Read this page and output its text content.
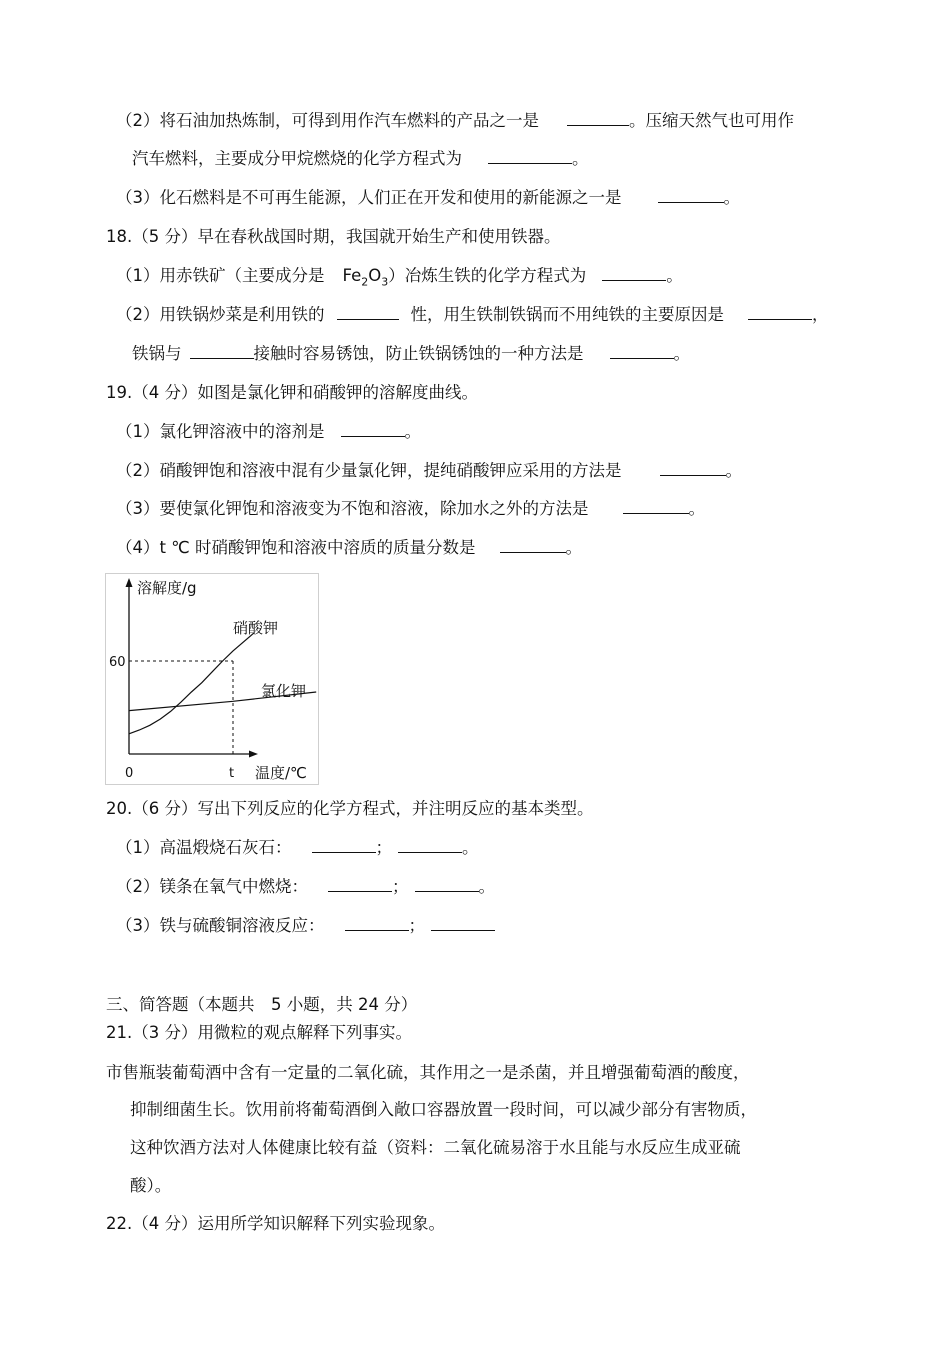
（2）将石油加热炼制，可得到用作汽车燃料的产品之一是	。压缩天然气也可用作
汽车燃料，主要成分甲烷燃烧的化学方程式为	。
（3）化石燃料是不可再生能源，人们正在开发和使用的新能源之一是	。
18.（5 分）早在春秋战国时期，我国就开始生产和使用铁器。
（1）用赤铁矿（主要成分是 $Fe_2O_3$）冶炼生铁的化学方程式为	。
（2）用铁锅炒菜是利用铁的	性，用生铁制铁锅而不用纯铁的主要原因是	，
铁锅与	接触时容易锈蚀，防止铁锅锈蚀的一种方法是	。
19.（4 分）如图是氯化钾和硝酸钾的溶解度曲线。
（1）氯化钾溶液中的溶剂是	。
（2）硝酸钾饱和溶液中混有少量氯化钾，提纯硝酸钾应采用的方法是	。
（3）要使氯化钾饱和溶液变为不饱和溶液，除加水之外的方法是	。
（4）t ℃ 时硝酸钾饱和溶液中溶质的质量分数是	。
溶解度/g
温度/℃
0	t
60
硝酸钾
氯化钾
20.（6 分）写出下列反应的化学方程式，并注明反应的基本类型。
（1）高温煅烧石灰石：	；	。
（2）镁条在氧气中燃烧：	；	。
（3）铁与硫酸铜溶液反应：	；
三、简答题（本题共　5 小题，共 24 分）
21.（3 分）用微粒的观点解释下列事实。
市售瓶装葡萄酒中含有一定量的二氧化硫，其作用之一是杀菌，并且增强葡萄酒的酸度，
抑制细菌生长。饮用前将葡萄酒倒入敞口容器放置一段时间，可以减少部分有害物质，
这种饮酒方法对人体健康比较有益（资料：二氧化硫易溶于水且能与水反应生成亚硫
酸）。
22.（4 分）运用所学知识解释下列实验现象。
